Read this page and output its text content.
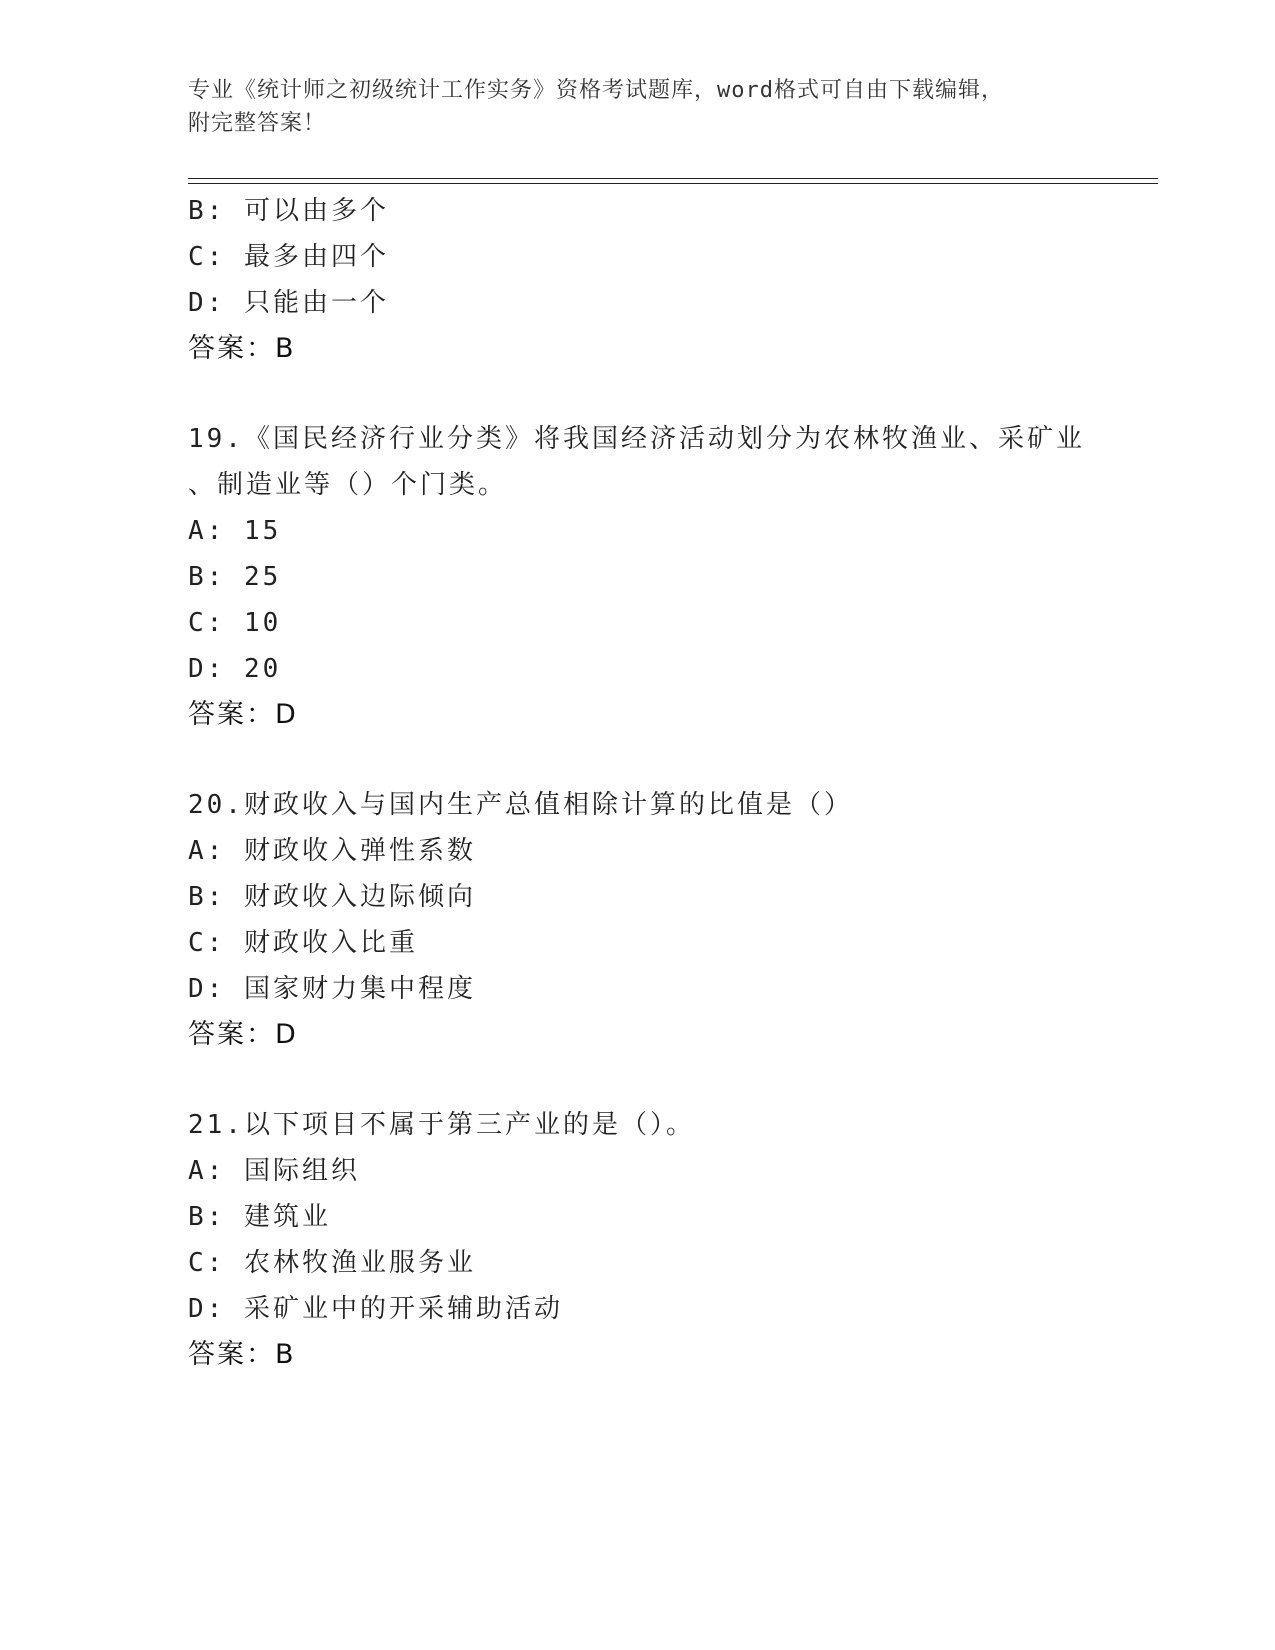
专业《统计师之初级统计工作实务》资格考试题库，word格式可自由下载编辑，
附完整答案！
B: 可以由多个
C: 最多由四个
D: 只能由一个
答案：B
19.《国民经济行业分类》将我国经济活动划分为农林牧渔业、采矿业
、制造业等（）个门类。
A: 15
B: 25
C: 10
D: 20
答案：D
20.财政收入与国内生产总值相除计算的比值是（）
A: 财政收入弹性系数
B: 财政收入边际倾向
C: 财政收入比重
D: 国家财力集中程度
答案：D
21.以下项目不属于第三产业的是（）。
A: 国际组织
B: 建筑业
C: 农林牧渔业服务业
D: 采矿业中的开采辅助活动
答案：B
